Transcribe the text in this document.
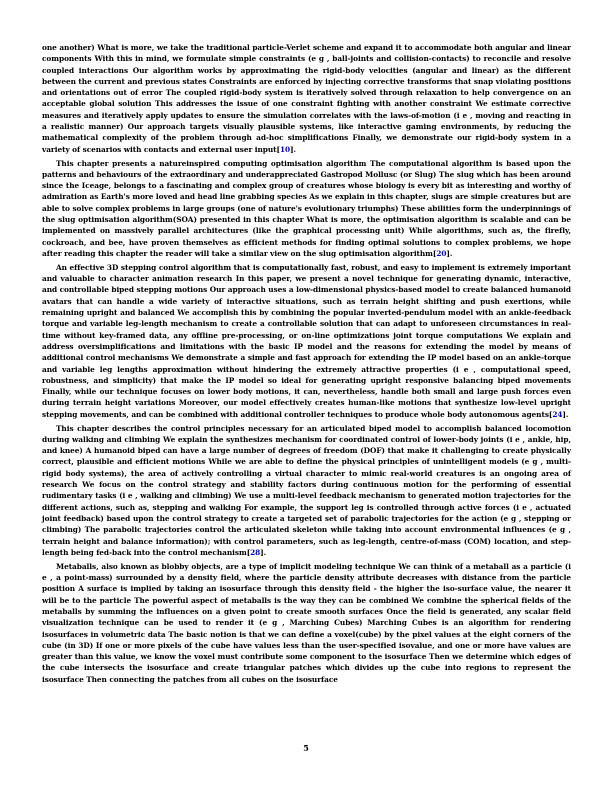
one another) What is more, we take the traditional particle-Verlet scheme and expand it to accommodate both angular and linear components With this in mind, we formulate simple constraints (e g , ball-joints and collision-contacts) to reconcile and resolve coupled interactions Our algorithm works by approximating the rigid-body velocities (angular and linear) as the different between the current and previous states Constraints are enforced by injecting corrective transforms that snap violating positions and orientations out of error The coupled rigid-body system is iteratively solved through relaxation to help convergence on an acceptable global solution This addresses the issue of one constraint fighting with another constraint We estimate corrective measures and iteratively apply updates to ensure the simulation correlates with the laws-of-motion (i e , moving and reacting in a realistic manner) Our approach targets visually plausible systems, like interactive gaming environments, by reducing the mathematical complexity of the problem through ad-hoc simplifications Finally, we demonstrate our rigid-body system in a variety of scenarios with contacts and external user input[10].

This chapter presents a natureinspired computing optimisation algorithm The computational algorithm is based upon the patterns and behaviours of the extraordinary and underappreciated Gastropod Mollusc (or Slug) The slug which has been around since the Iceage, belongs to a fascinating and complex group of creatures whose biology is every bit as interesting and worthy of admiration as Earth's more loved and head line grabbing species As we explain in this chapter, slugs are simple creatures but are able to solve complex problems in large groups (one of nature's evolutionary triumphs) These abilities form the underpinnings of the slug optimisation algorithm(SOA) presented in this chapter What is more, the optimisation algorithm is scalable and can be implemented on massively parallel architectures (like the graphical processing unit) While algorithms, such as, the firefly, cockroach, and bee, have proven themselves as efficient methods for finding optimal solutions to complex problems, we hope after reading this chapter the reader will take a similar view on the slug optimisation algorithm[20].

An effective 3D stepping control algorithm that is computationally fast, robust, and easy to implement is extremely important and valuable to character animation research In this paper, we present a novel technique for generating dynamic, interactive, and controllable biped stepping motions Our approach uses a low-dimensional physics-based model to create balanced humanoid avatars that can handle a wide variety of interactive situations, such as terrain height shifting and push exertions, while remaining upright and balanced We accomplish this by combining the popular inverted-pendulum model with an ankle-feedback torque and variable leg-length mechanism to create a controllable solution that can adapt to unforeseen circumstances in real-time without key-framed data, any offline pre-processing, or on-line optimizations joint torque computations We explain and address oversimplifications and limitations with the basic IP model and the reasons for extending the model by means of additional control mechanisms We demonstrate a simple and fast approach for extending the IP model based on an ankle-torque and variable leg lengths approximation without hindering the extremely attractive properties (i e , computational speed, robustness, and simplicity) that make the IP model so ideal for generating upright responsive balancing biped movements Finally, while our technique focuses on lower body motions, it can, nevertheless, handle both small and large push forces even during terrain height variations Moreover, our model effectively creates human-like motions that synthesize low-level upright stepping movements, and can be combined with additional controller techniques to produce whole body autonomous agents[24].

This chapter describes the control principles necessary for an articulated biped model to accomplish balanced locomotion during walking and climbing We explain the synthesizes mechanism for coordinated control of lower-body joints (i e , ankle, hip, and knee) A humanoid biped can have a large number of degrees of freedom (DOF) that make it challenging to create physically correct, plausible and efficient motions While we are able to define the physical principles of unintelligent models (e g , multi-rigid body systems), the area of actively controlling a virtual character to mimic real-world creatures is an ongoing area of research We focus on the control strategy and stability factors during continuous motion for the performing of essential rudimentary tasks (i e , walking and climbing) We use a multi-level feedback mechanism to generated motion trajectories for the different actions, such as, stepping and walking For example, the support leg is controlled through active forces (i e , actuated joint feedback) based upon the control strategy to create a targeted set of parabolic trajectories for the action (e g , stepping or climbing) The parabolic trajectories control the articulated skeleton while taking into account environmental influences (e g , terrain height and balance information); with control parameters, such as leg-length, centre-of-mass (COM) location, and step-length being fed-back into the control mechanism[28].

Metaballs, also known as blobby objects, are a type of implicit modeling technique We can think of a metaball as a particle (i e , a point-mass) surrounded by a density field, where the particle density attribute decreases with distance from the particle position A surface is implied by taking an isosurface through this density field - the higher the iso-surface value, the nearer it will be to the particle The powerful aspect of metaballs is the way they can be combined We combine the spherical fields of the metaballs by summing the influences on a given point to create smooth surfaces Once the field is generated, any scalar field visualization technique can be used to render it (e g , Marching Cubes) Marching Cubes is an algorithm for rendering isosurfaces in volumetric data The basic notion is that we can define a voxel(cube) by the pixel values at the eight corners of the cube (in 3D) If one or more pixels of the cube have values less than the user-specified isovalue, and one or more have values are greater than this value, we know the voxel must contribute some component to the isosurface Then we determine which edges of the cube intersects the isosurface and create triangular patches which divides up the cube into regions to represent the isosurface Then connecting the patches from all cubes on the isosurface

5
